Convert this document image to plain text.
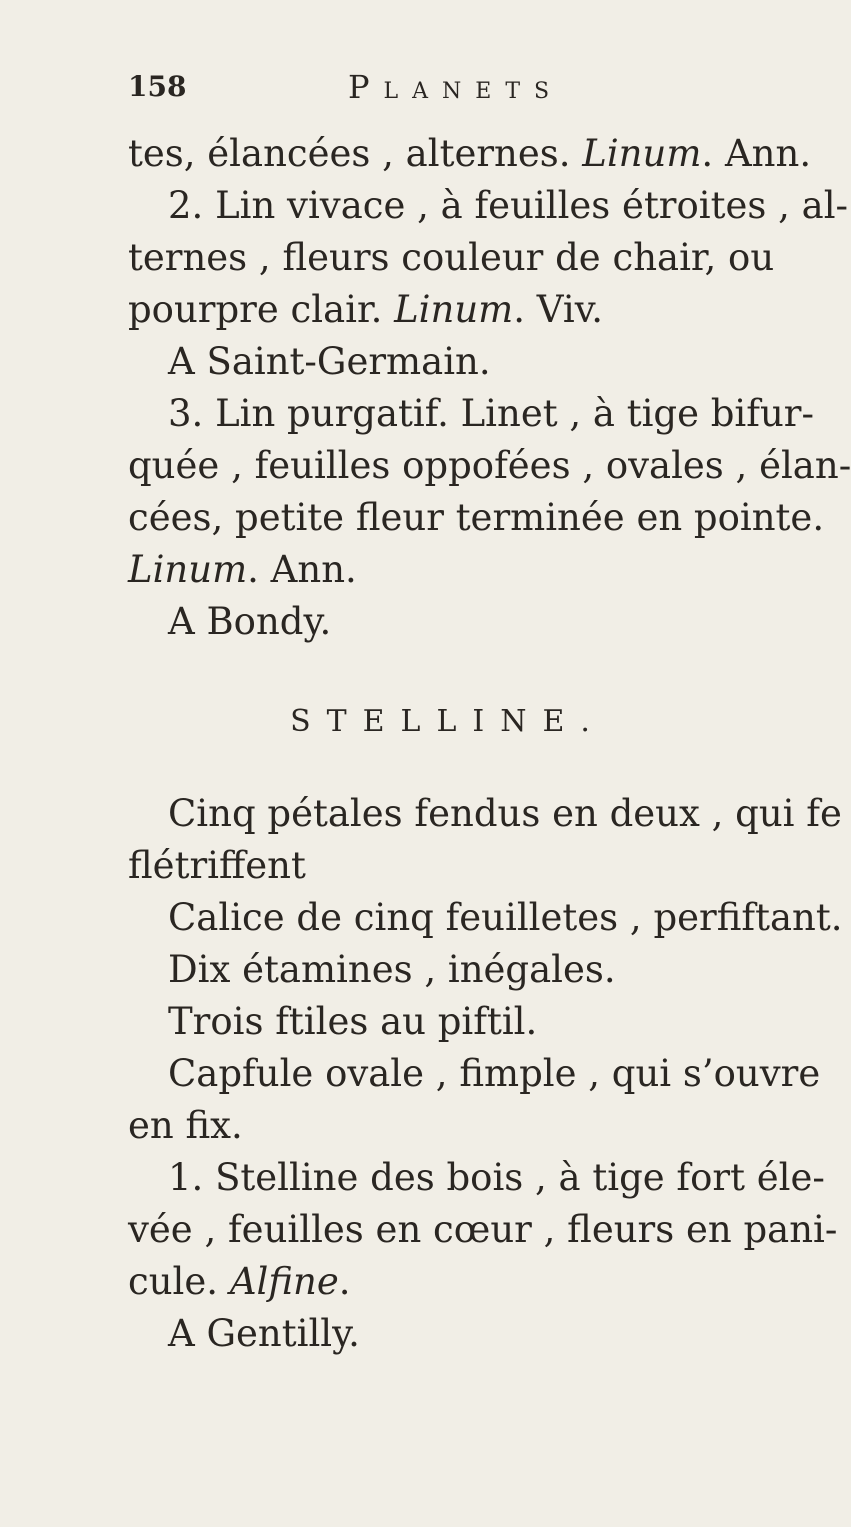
158	Planets

tes, élancées , alternes. Linum. Ann.

2. Lin vivace , à feuilles étroites , al-

ternes , fleurs couleur de chair, ou

pourpre clair. Linum. Viv.

A Saint-Germain.

3. Lin purgatif. Linet , à tige bifur-

quée , feuilles oppofées , ovales , élan-

cées, petite fleur terminée en pointe.

Linum. Ann.

A Bondy.

STELLINE.

Cinq pétales fendus en deux , qui fe

flétriffent

Calice de cinq feuilletes , perfiftant.

Dix étamines , inégales.

Trois ftiles au piftil.

Capfule ovale , fimple , qui s’ouvre

en fix.

1. Stelline des bois , à tige fort éle-

vée , feuilles en cœur , fleurs en pani-

cule. Alfine.

A Gentilly.
